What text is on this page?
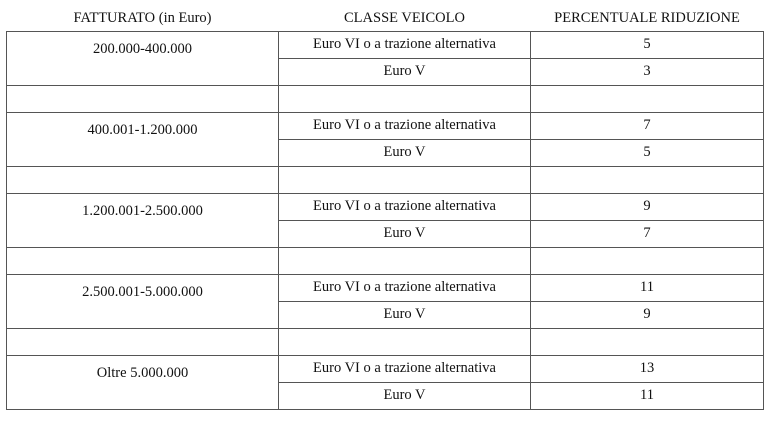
FATTURATO (in Euro)	CLASSE VEICOLO	PERCENTUALE RIDUZIONE
200.000-400.000	Euro VI o a trazione alternativa	5
	Euro V	3

400.001-1.200.000	Euro VI o a trazione alternativa	7
	Euro V	5

1.200.001-2.500.000	Euro VI o a trazione alternativa	9
	Euro V	7

2.500.001-5.000.000	Euro VI o a trazione alternativa	11
	Euro V	9

Oltre 5.000.000	Euro VI o a trazione alternativa	13
	Euro V	11
